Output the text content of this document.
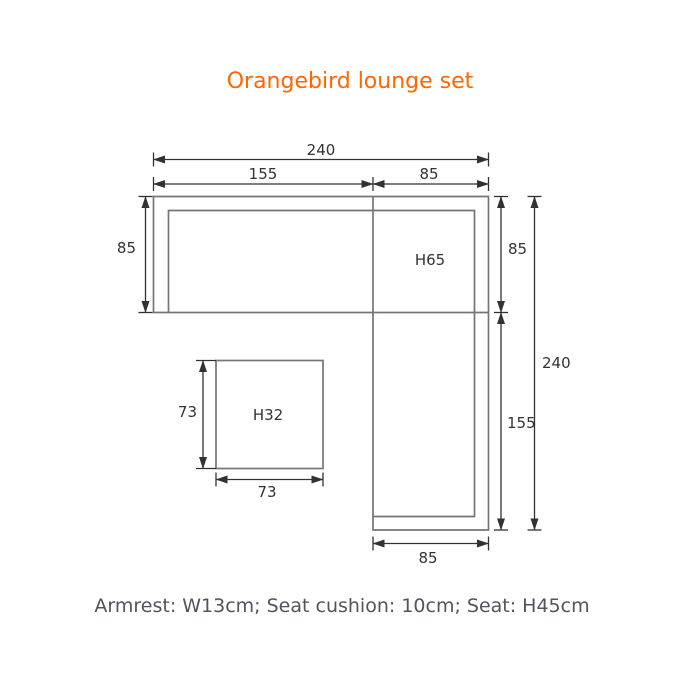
Orangebird lounge set
H65
H32
240
155	85
85	85
155
240
85
73
73
Armrest: W13cm; Seat cushion: 10cm; Seat: H45cm
